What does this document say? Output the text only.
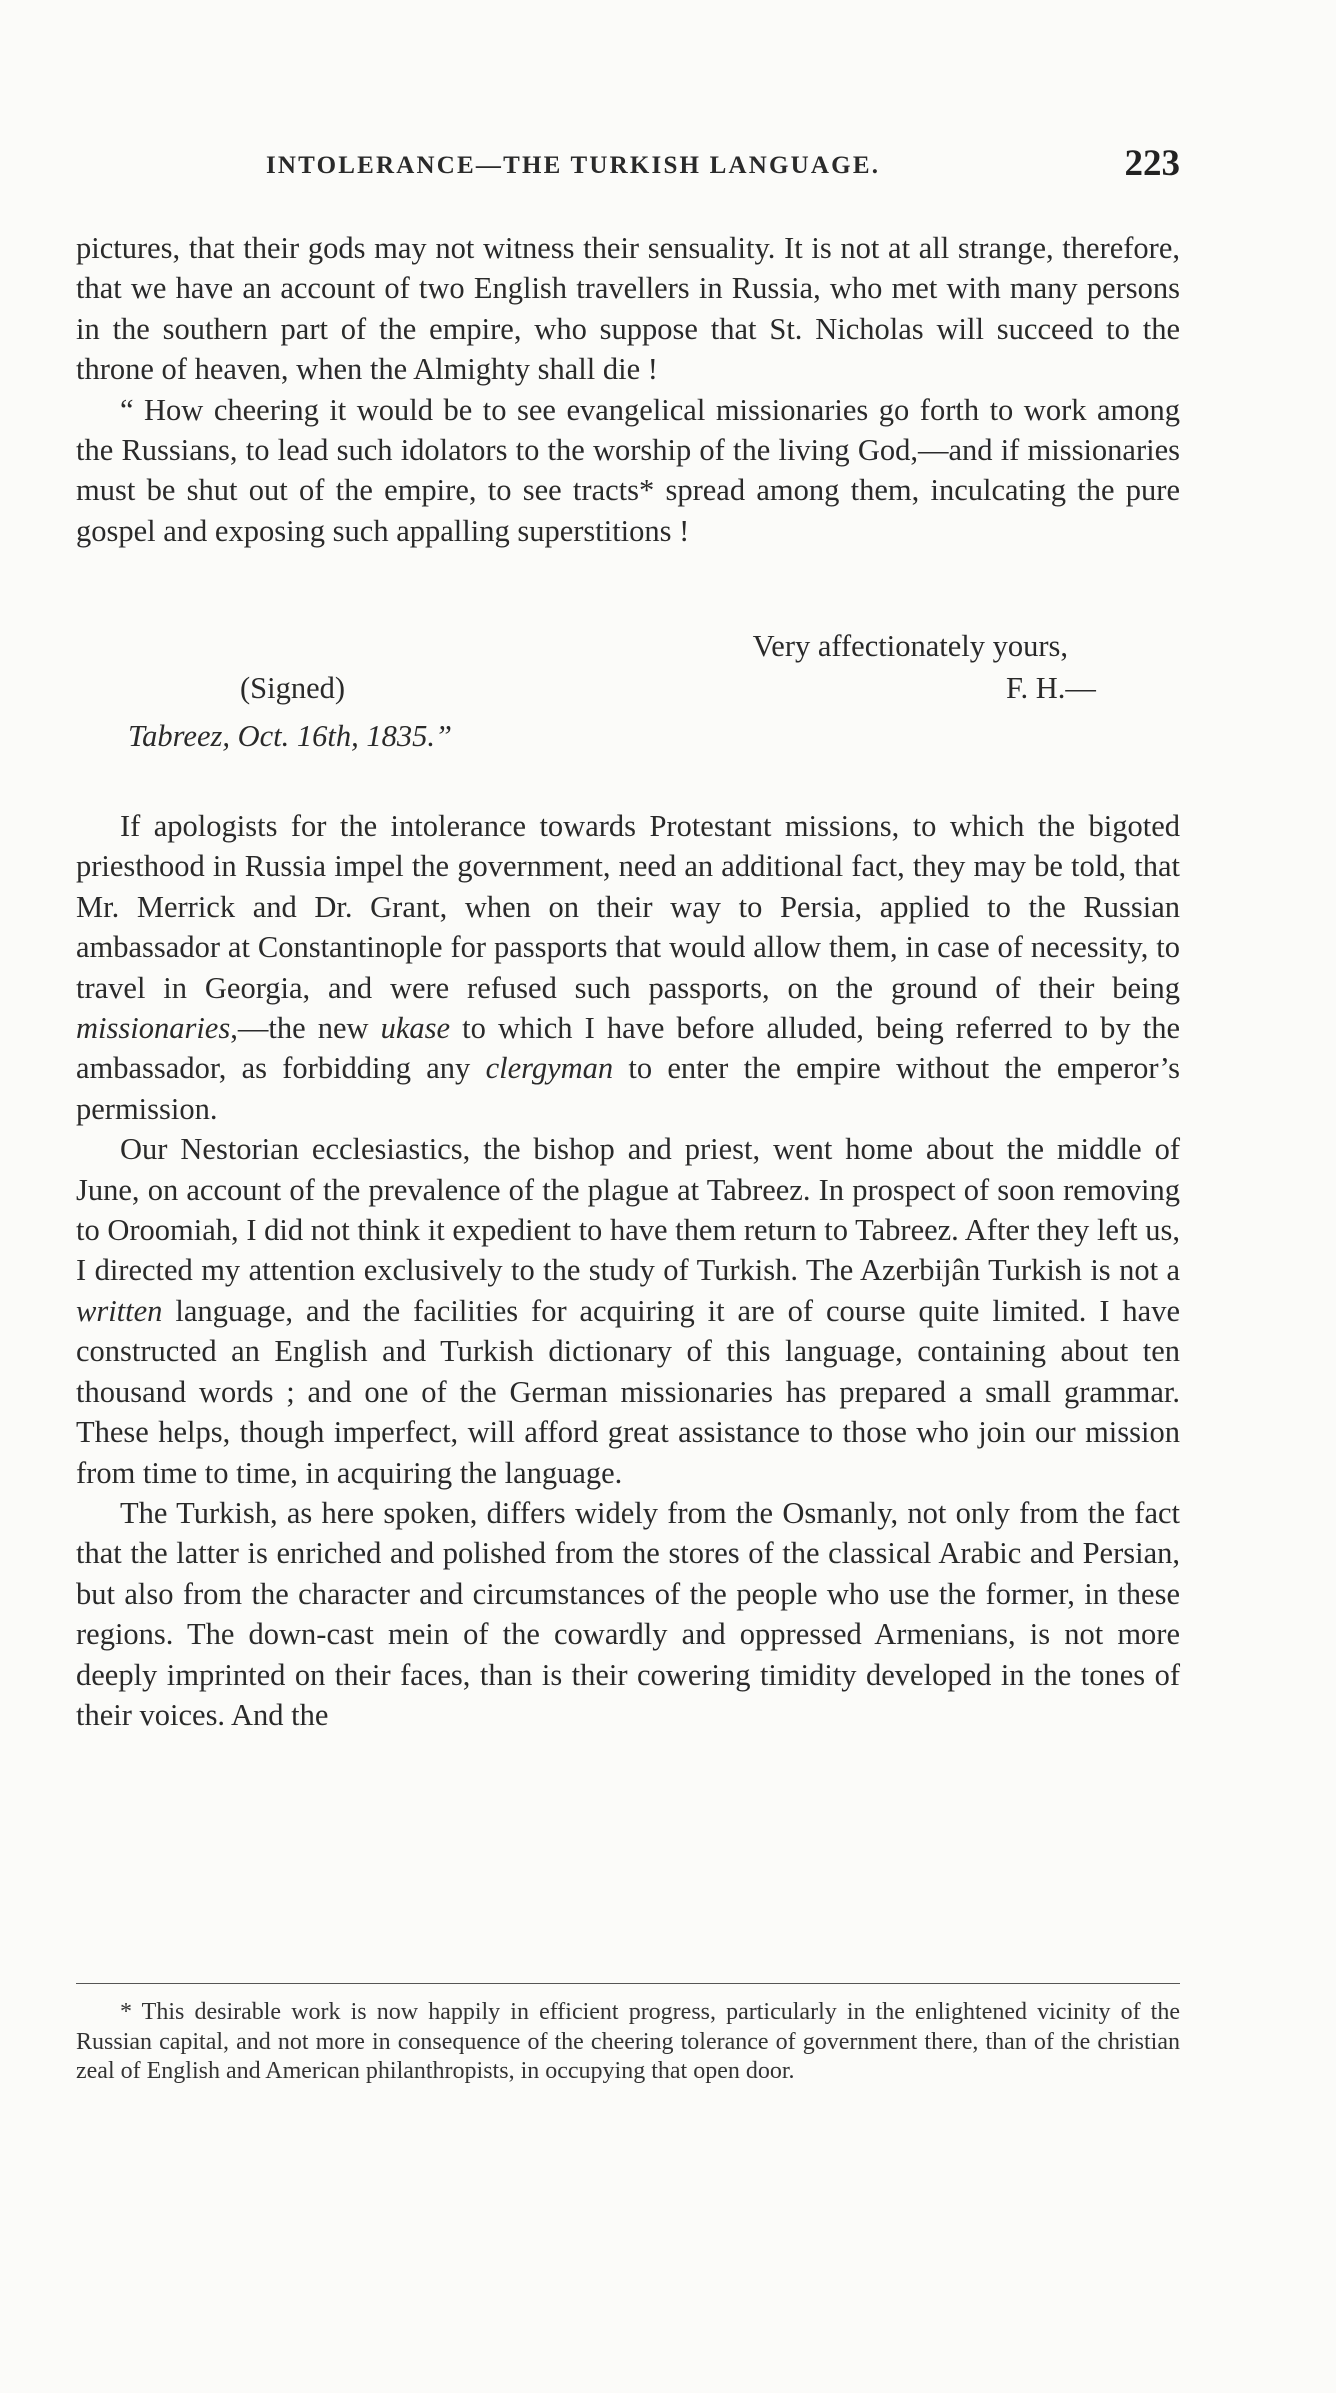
INTOLERANCE—THE TURKISH LANGUAGE.	223

pictures, that their gods may not witness their sensuality. It is not at all strange, therefore, that we have an account of two English travellers in Russia, who met with many persons in the southern part of the empire, who suppose that St. Nicholas will succeed to the throne of heaven, when the Almighty shall die !

“ How cheering it would be to see evangelical missionaries go forth to work among the Russians, to lead such idolators to the worship of the living God,—and if missionaries must be shut out of the empire, to see tracts* spread among them, inculcating the pure gospel and exposing such appalling superstitions !

Very affectionately yours,
(Signed)	F. H.—
Tabreez, Oct. 16th, 1835.”

If apologists for the intolerance towards Protestant missions, to which the bigoted priesthood in Russia impel the government, need an additional fact, they may be told, that Mr. Merrick and Dr. Grant, when on their way to Persia, applied to the Russian ambassador at Constantinople for passports that would allow them, in case of necessity, to travel in Georgia, and were refused such passports, on the ground of their being missionaries,—the new ukase to which I have before alluded, being referred to by the ambassador, as forbidding any clergyman to enter the empire without the emperor’s permission.

Our Nestorian ecclesiastics, the bishop and priest, went home about the middle of June, on account of the prevalence of the plague at Tabreez. In prospect of soon removing to Oroomiah, I did not think it expedient to have them return to Tabreez. After they left us, I directed my attention exclusively to the study of Turkish. The Azerbijân Turkish is not a written language, and the facilities for acquiring it are of course quite limited. I have constructed an English and Turkish dictionary of this language, containing about ten thousand words ; and one of the German missionaries has prepared a small grammar. These helps, though imperfect, will afford great assistance to those who join our mission from time to time, in acquiring the language.

The Turkish, as here spoken, differs widely from the Osmanly, not only from the fact that the latter is enriched and polished from the stores of the classical Arabic and Persian, but also from the character and circumstances of the people who use the former, in these regions. The down-cast mein of the cowardly and oppressed Armenians, is not more deeply imprinted on their faces, than is their cowering timidity developed in the tones of their voices. And the

* This desirable work is now happily in efficient progress, particularly in the enlightened vicinity of the Russian capital, and not more in consequence of the cheering tolerance of government there, than of the christian zeal of English and American philanthropists, in occupying that open door.
